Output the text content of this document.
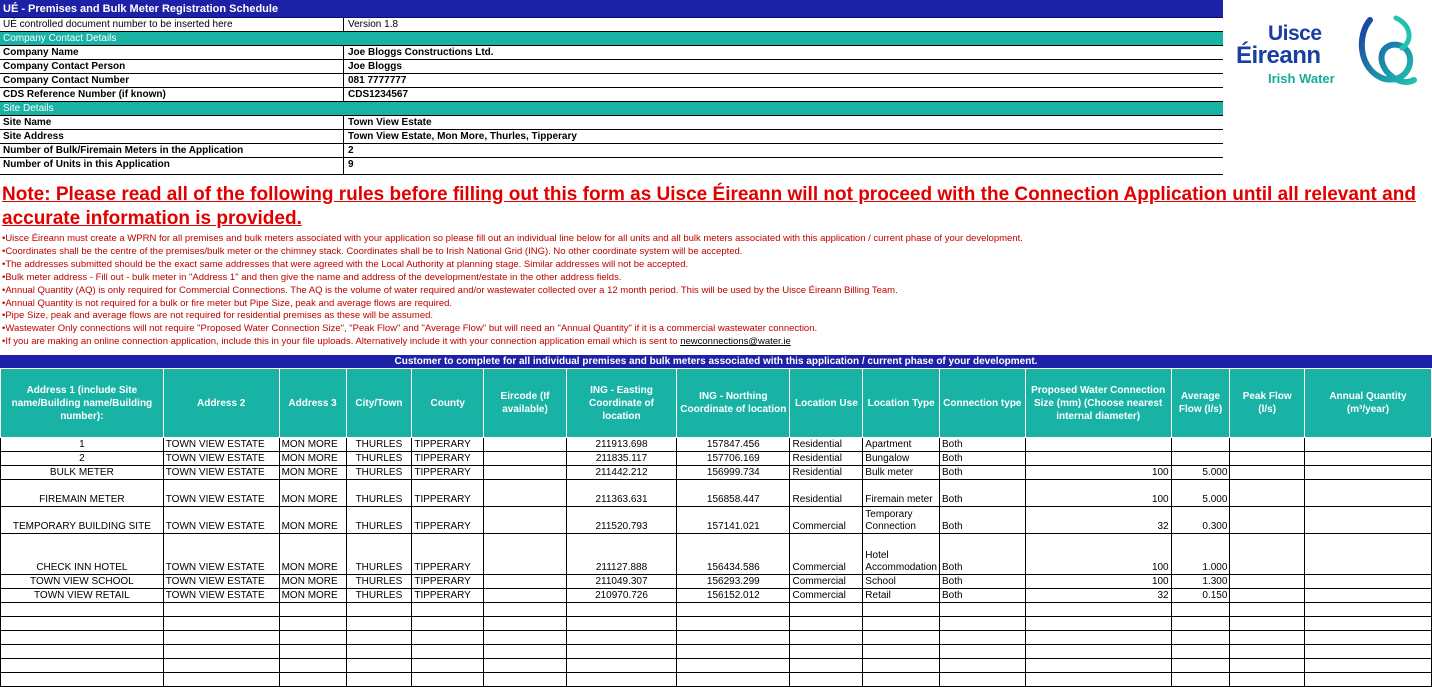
UÉ - Premises and Bulk Meter Registration Schedule
UÉ controlled document number to be inserted here	Version 1.8
Company Contact Details
Company Name	Joe Bloggs Constructions Ltd.
Company Contact Person	Joe Bloggs
Company Contact Number	081 7777777
CDS Reference Number (if known)	CDS1234567
Site Details
Site Name	Town View Estate
Site Address	Town View Estate, Mon More, Thurles, Tipperary
Number of Bulk/Firemain Meters in the Application	2
Number of Units in this Application	9
Uisce
Éireann
Irish Water
Note: Please read all of the following rules before filling out this form as Uisce Éireann will not proceed with the Connection Application until all relevant and accurate information is provided.
•Uisce Éireann must create a WPRN for all premises and bulk meters associated with your application so please fill out an individual line below for all units and all bulk meters associated with this application / current phase of your development.
•Coordinates shall be the centre of the premises/bulk meter or the chimney stack. Coordinates shall be to Irish National Grid (ING). No other coordinate system will be accepted.
•The addresses submitted should be the exact same addresses that were agreed with the Local Authority at planning stage. Similar addresses will not be accepted.
•Bulk meter address - Fill out - bulk meter in "Address 1" and then give the name and address of the development/estate in the other address fields.
•Annual Quantity (AQ) is only required for Commercial Connections. The AQ is the volume of water required and/or wastewater collected over a 12 month period. This will be used by the Uisce Éireann Billing Team.
•Annual Quantity is not required for a bulk or fire meter but Pipe Size, peak and average flows are required.
•Pipe Size, peak and average flows are not required for residential premises as these will be assumed.
•Wastewater Only connections will not require "Proposed Water Connection Size", "Peak Flow" and "Average Flow" but will need an "Annual Quantity" if it is a commercial wastewater connection.
•If you are making an online connection application, include this in your file uploads. Alternatively include it with your connection application email which is sent to newconnections@water.ie
Customer to complete for all individual premises and bulk meters associated with this application / current phase of your development.
Address 1 (include Site name/Building name/Building number):	Address 2	Address 3	City/Town	County	Eircode (If available)	ING - Easting Coordinate of location	ING - Northing Coordinate of location	Location Use	Location Type	Connection type	Proposed Water Connection Size (mm) (Choose nearest internal diameter)	Average Flow (l/s)	Peak Flow (l/s)	Annual Quantity (m³/year)
1	TOWN VIEW ESTATE	MON MORE	THURLES	TIPPERARY		211913.698	157847.456	Residential	Apartment	Both				
2	TOWN VIEW ESTATE	MON MORE	THURLES	TIPPERARY		211835.117	157706.169	Residential	Bungalow	Both				
BULK METER	TOWN VIEW ESTATE	MON MORE	THURLES	TIPPERARY		211442.212	156999.734	Residential	Bulk meter	Both	100	5.000		
FIREMAIN METER	TOWN VIEW ESTATE	MON MORE	THURLES	TIPPERARY		211363.631	156858.447	Residential	Firemain meter	Both	100	5.000		
TEMPORARY BUILDING SITE	TOWN VIEW ESTATE	MON MORE	THURLES	TIPPERARY		211520.793	157141.021	Commercial	Temporary Connection	Both	32	0.300		
CHECK INN HOTEL	TOWN VIEW ESTATE	MON MORE	THURLES	TIPPERARY		211127.888	156434.586	Commercial	Hotel Accommodation	Both	100	1.000		
TOWN VIEW SCHOOL	TOWN VIEW ESTATE	MON MORE	THURLES	TIPPERARY		211049.307	156293.299	Commercial	School	Both	100	1.300		
TOWN VIEW RETAIL	TOWN VIEW ESTATE	MON MORE	THURLES	TIPPERARY		210970.726	156152.012	Commercial	Retail	Both	32	0.150		
